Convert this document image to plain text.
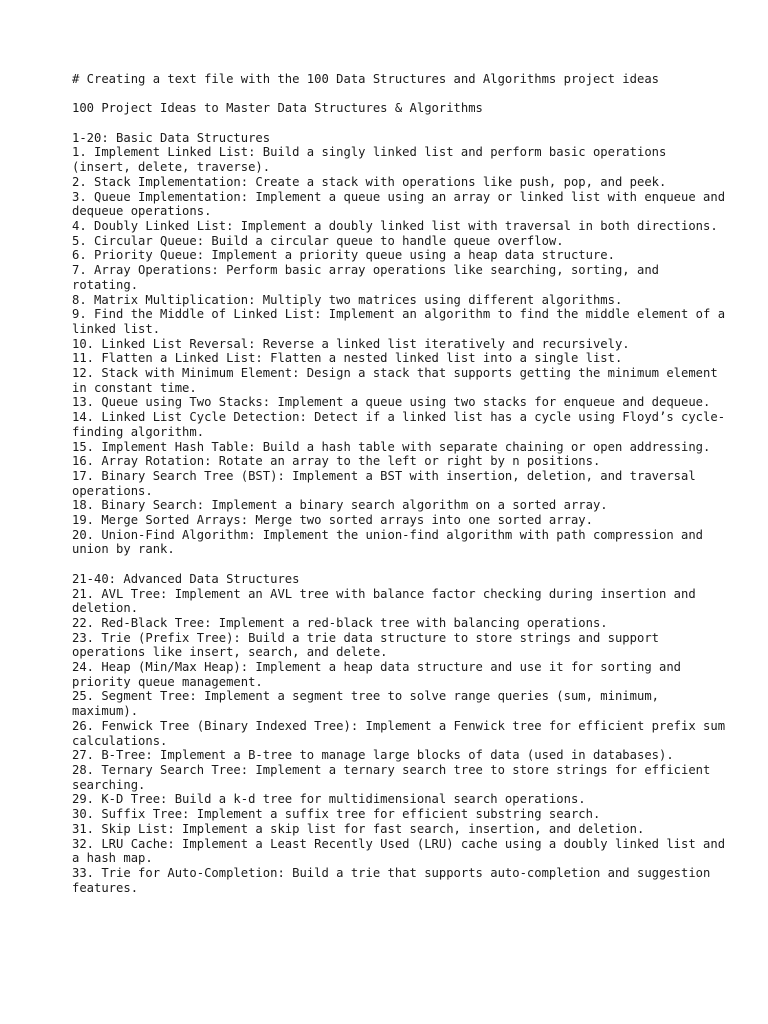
# Creating a text file with the 100 Data Structures and Algorithms project ideas

100 Project Ideas to Master Data Structures & Algorithms

1-20: Basic Data Structures

1. Implement Linked List: Build a singly linked list and perform basic operations (insert, delete, traverse).

2. Stack Implementation: Create a stack with operations like push, pop, and peek.

3. Queue Implementation: Implement a queue using an array or linked list with enqueue and dequeue operations.

4. Doubly Linked List: Implement a doubly linked list with traversal in both directions.

5. Circular Queue: Build a circular queue to handle queue overflow.

6. Priority Queue: Implement a priority queue using a heap data structure.

7. Array Operations: Perform basic array operations like searching, sorting, and rotating.

8. Matrix Multiplication: Multiply two matrices using different algorithms.

9. Find the Middle of Linked List: Implement an algorithm to find the middle element of a linked list.

10. Linked List Reversal: Reverse a linked list iteratively and recursively.

11. Flatten a Linked List: Flatten a nested linked list into a single list.

12. Stack with Minimum Element: Design a stack that supports getting the minimum element in constant time.

13. Queue using Two Stacks: Implement a queue using two stacks for enqueue and dequeue.

14. Linked List Cycle Detection: Detect if a linked list has a cycle using Floyd’s cycle-finding algorithm.

15. Implement Hash Table: Build a hash table with separate chaining or open addressing.

16. Array Rotation: Rotate an array to the left or right by n positions.

17. Binary Search Tree (BST): Implement a BST with insertion, deletion, and traversal operations.

18. Binary Search: Implement a binary search algorithm on a sorted array.

19. Merge Sorted Arrays: Merge two sorted arrays into one sorted array.

20. Union-Find Algorithm: Implement the union-find algorithm with path compression and union by rank.

21-40: Advanced Data Structures

21. AVL Tree: Implement an AVL tree with balance factor checking during insertion and deletion.

22. Red-Black Tree: Implement a red-black tree with balancing operations.

23. Trie (Prefix Tree): Build a trie data structure to store strings and support operations like insert, search, and delete.

24. Heap (Min/Max Heap): Implement a heap data structure and use it for sorting and priority queue management.

25. Segment Tree: Implement a segment tree to solve range queries (sum, minimum, maximum).

26. Fenwick Tree (Binary Indexed Tree): Implement a Fenwick tree for efficient prefix sum calculations.

27. B-Tree: Implement a B-tree to manage large blocks of data (used in databases).

28. Ternary Search Tree: Implement a ternary search tree to store strings for efficient searching.

29. K-D Tree: Build a k-d tree for multidimensional search operations.

30. Suffix Tree: Implement a suffix tree for efficient substring search.

31. Skip List: Implement a skip list for fast search, insertion, and deletion.

32. LRU Cache: Implement a Least Recently Used (LRU) cache using a doubly linked list and a hash map.

33. Trie for Auto-Completion: Build a trie that supports auto-completion and suggestion features.
